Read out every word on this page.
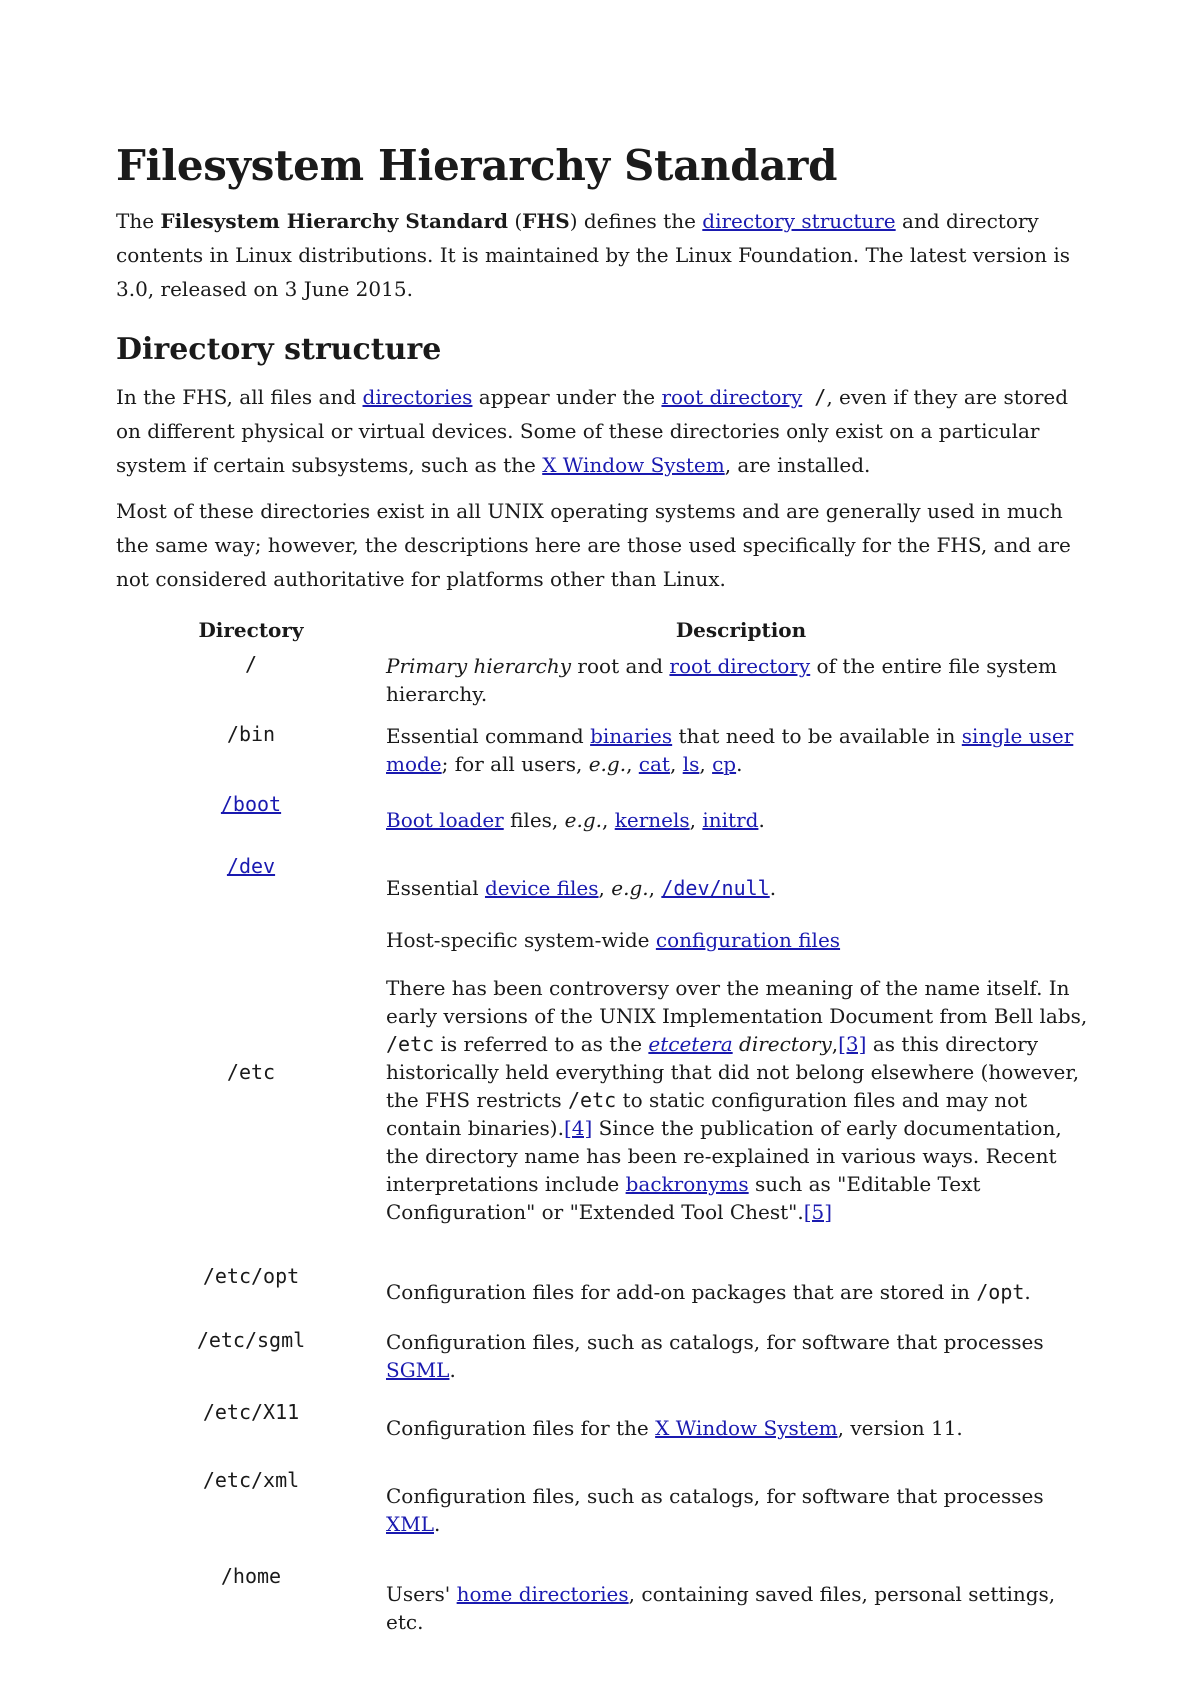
Filesystem Hierarchy Standard

The Filesystem Hierarchy Standard (FHS) defines the directory structure and directory contents in Linux distributions. It is maintained by the Linux Foundation. The latest version is 3.0, released on 3 June 2015.

Directory structure

In the FHS, all files and directories appear under the root directory /, even if they are stored on different physical or virtual devices. Some of these directories only exist on a particular system if certain subsystems, such as the X Window System, are installed.

Most of these directories exist in all UNIX operating systems and are generally used in much the same way; however, the descriptions here are those used specifically for the FHS, and are not considered authoritative for platforms other than Linux.

Directory	Description
/	Primary hierarchy root and root directory of the entire file system hierarchy.
/bin	Essential command binaries that need to be available in single user mode; for all users, e.g., cat, ls, cp.
/boot	Boot loader files, e.g., kernels, initrd.
/dev	Essential device files, e.g., /dev/null.
/etc	Host-specific system-wide configuration files
There has been controversy over the meaning of the name itself. In early versions of the UNIX Implementation Document from Bell labs, /etc is referred to as the etcetera directory,[3] as this directory historically held everything that did not belong elsewhere (however, the FHS restricts /etc to static configuration files and may not contain binaries).[4] Since the publication of early documentation, the directory name has been re-explained in various ways. Recent interpretations include backronyms such as "Editable Text Configuration" or "Extended Tool Chest".[5]

/etc/opt	Configuration files for add-on packages that are stored in /opt.
/etc/sgml	Configuration files, such as catalogs, for software that processes SGML.
/etc/X11	Configuration files for the X Window System, version 11.
/etc/xml	Configuration files, such as catalogs, for software that processes XML.
/home	Users' home directories, containing saved files, personal settings, etc.
